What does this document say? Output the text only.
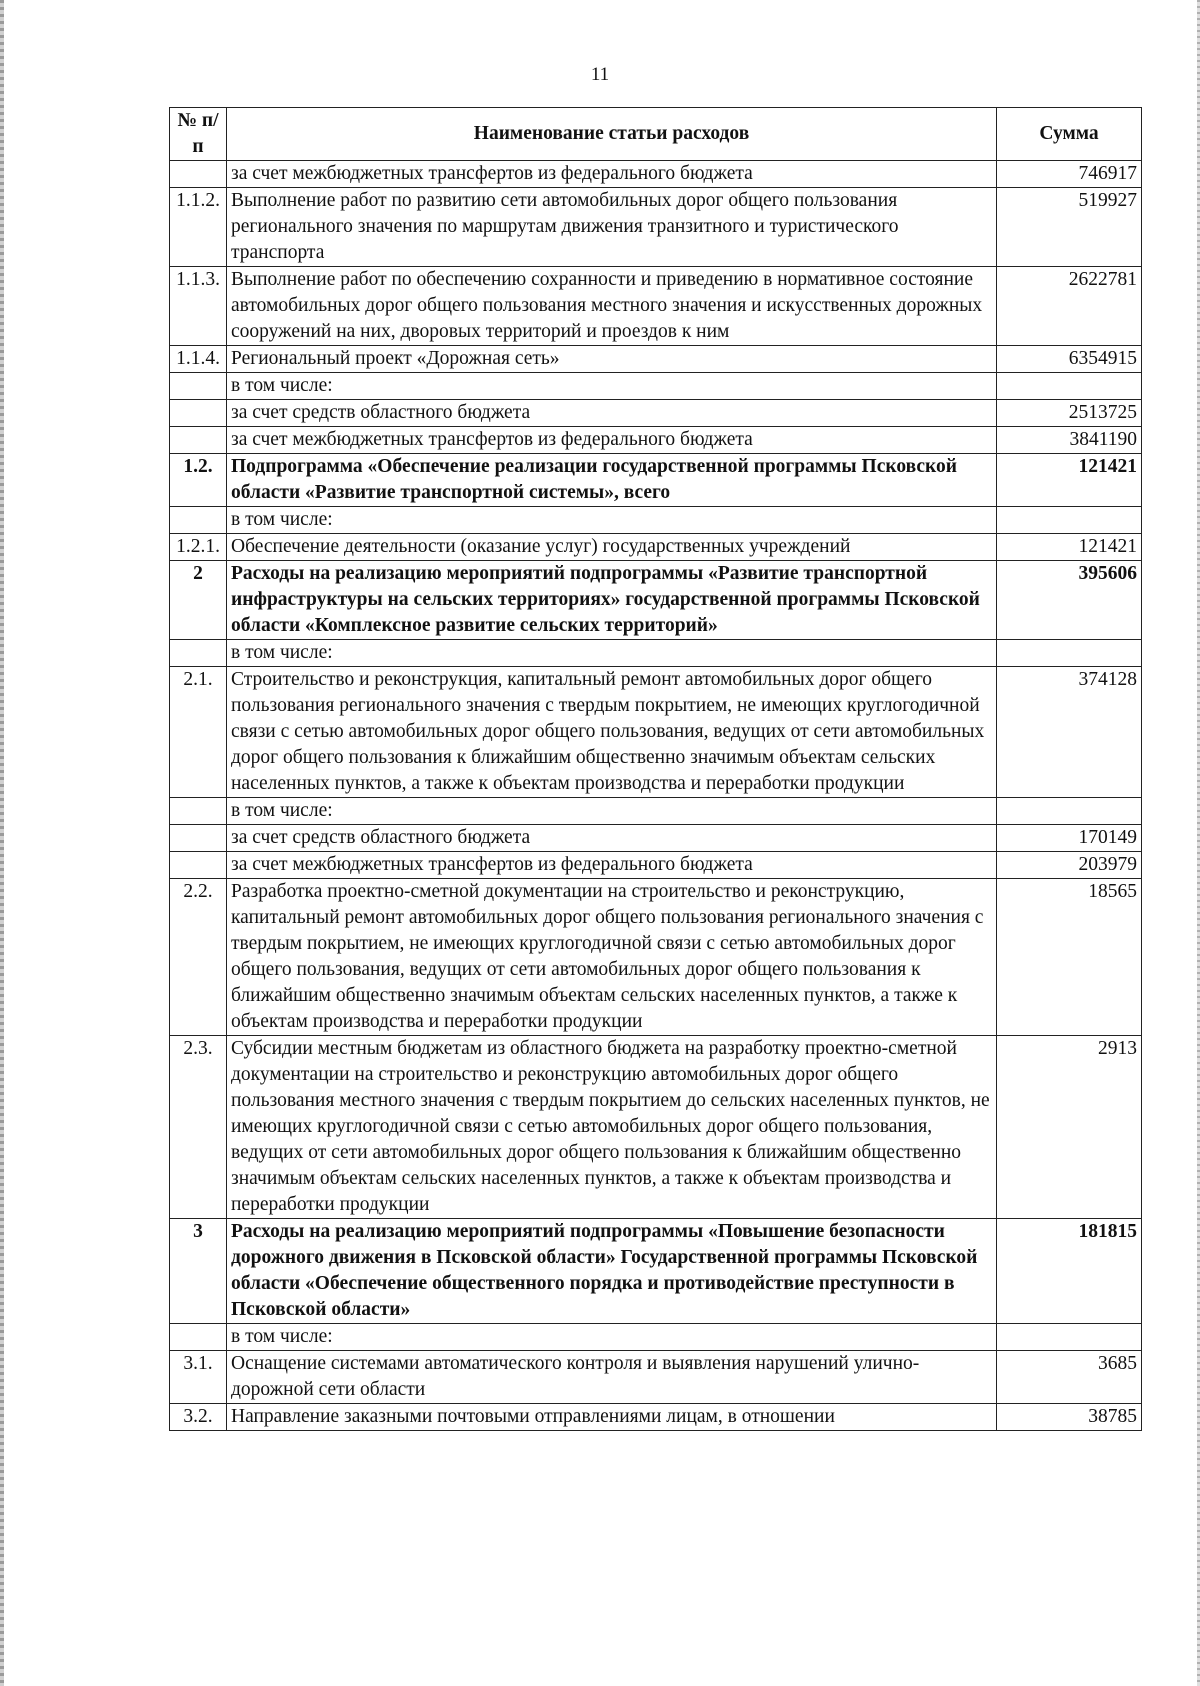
11
№ п/п	Наименование статьи расходов	Сумма
	за счет межбюджетных трансфертов из федерального бюджета	746917
1.1.2.	Выполнение работ по развитию сети автомобильных дорог общего пользования регионального значения по маршрутам движения транзитного и туристического транспорта	519927
1.1.3.	Выполнение работ по обеспечению сохранности и приведению в нормативное состояние автомобильных дорог общего пользования местного значения и искусственных дорожных сооружений на них, дворовых территорий и проездов к ним	2622781
1.1.4.	Региональный проект «Дорожная сеть»	6354915
	в том числе:	
	за счет средств областного бюджета	2513725
	за счет межбюджетных трансфертов из федерального бюджета	3841190
1.2.	Подпрограмма «Обеспечение реализации государственной программы Псковской области «Развитие транспортной системы», всего	121421
	в том числе:	
1.2.1.	Обеспечение деятельности (оказание услуг) государственных учреждений	121421
2	Расходы на реализацию мероприятий подпрограммы «Развитие транспортной инфраструктуры на сельских территориях» государственной программы Псковской области «Комплексное развитие сельских территорий»	395606
	в том числе:	
2.1.	Строительство и реконструкция, капитальный ремонт автомобильных дорог общего пользования регионального значения с твердым покрытием, не имеющих круглогодичной связи с сетью автомобильных дорог общего пользования, ведущих от сети автомобильных дорог общего пользования к ближайшим общественно значимым объектам сельских населенных пунктов, а также к объектам производства и переработки продукции	374128
	в том числе:	
	за счет средств областного бюджета	170149
	за счет межбюджетных трансфертов из федерального бюджета	203979
2.2.	Разработка проектно-сметной документации на строительство и реконструкцию, капитальный ремонт автомобильных дорог общего пользования регионального значения с твердым покрытием, не имеющих круглогодичной связи с сетью автомобильных дорог общего пользования, ведущих от сети автомобильных дорог общего пользования к ближайшим общественно значимым объектам сельских населенных пунктов, а также к объектам производства и переработки продукции	18565
2.3.	Субсидии местным бюджетам из областного бюджета на разработку проектно-сметной документации на строительство и реконструкцию автомобильных дорог общего пользования местного значения с твердым покрытием до сельских населенных пунктов, не имеющих круглогодичной связи с сетью автомобильных дорог общего пользования, ведущих от сети автомобильных дорог общего пользования к ближайшим общественно значимым объектам сельских населенных пунктов, а также к объектам производства и переработки продукции	2913
3	Расходы на реализацию мероприятий подпрограммы «Повышение безопасности дорожного движения в Псковской области» Государственной программы Псковской области «Обеспечение общественного порядка и противодействие преступности в Псковской области»	181815
	в том числе:	
3.1.	Оснащение системами автоматического контроля и выявления нарушений улично-дорожной сети области	3685
3.2.	Направление заказными почтовыми отправлениями лицам, в отношении	38785
